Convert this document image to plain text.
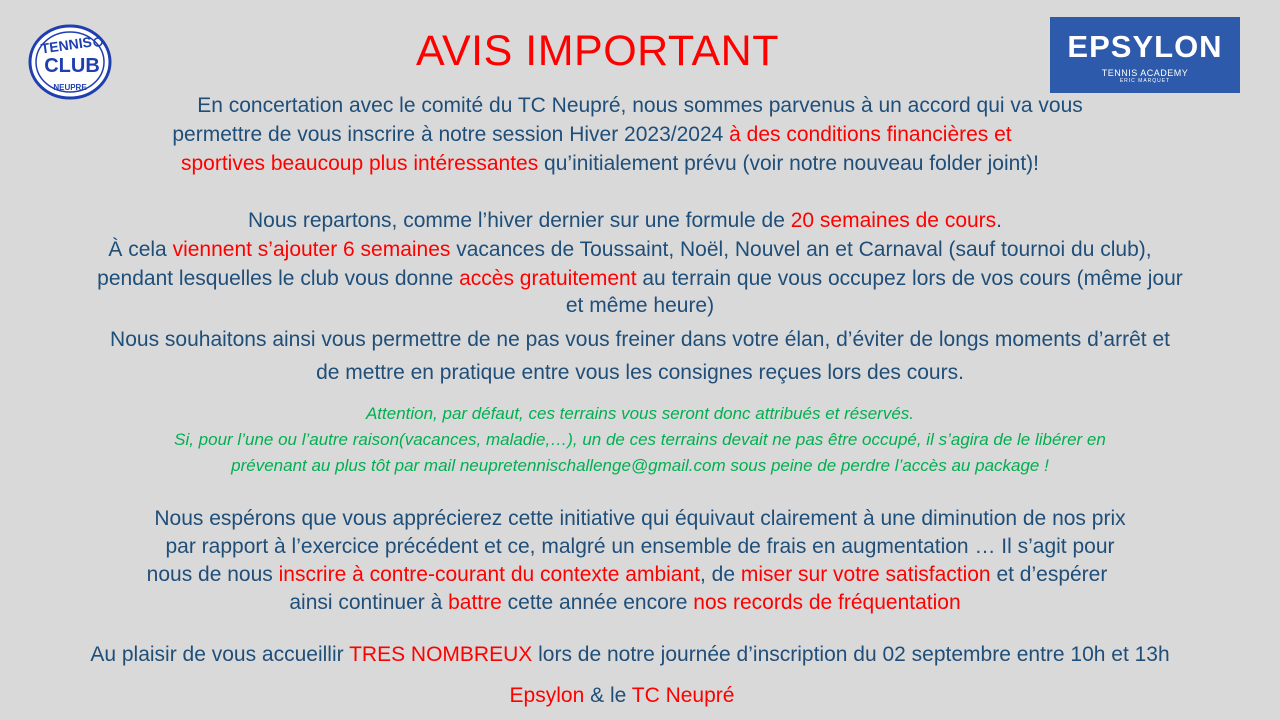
TENNIS
CLUB
NEUPRE
AVIS IMPORTANT	EPSYLON
TENNIS ACADEMY
ERIC MARQUET
En concertation avec le comité du TC Neupré, nous sommes parvenus à un accord qui va vous
permettre de vous inscrire à notre session Hiver 2023/2024 à des conditions financières et
sportives beaucoup plus intéressantes qu’initialement prévu (voir notre nouveau folder joint)!
Nous repartons, comme l’hiver dernier sur une formule de 20 semaines de cours.
À cela viennent s’ajouter 6 semaines vacances de Toussaint, Noël, Nouvel an et Carnaval (sauf tournoi du club),
pendant lesquelles le club vous donne accès gratuitement au terrain que vous occupez lors de vos cours (même jour
et même heure)
Nous souhaitons ainsi vous permettre de ne pas vous freiner dans votre élan, d’éviter de longs moments d’arrêt et
de mettre en pratique entre vous les consignes reçues lors des cours.
Attention, par défaut, ces terrains vous seront donc attribués et réservés.
Si, pour l’une ou l’autre raison(vacances, maladie,…), un de ces terrains devait ne pas être occupé, il s’agira de le libérer en
prévenant au plus tôt par mail neupretennischallenge@gmail.com sous peine de perdre l’accès au package !
Nous espérons que vous apprécierez cette initiative qui équivaut clairement à une diminution de nos prix
par rapport à l’exercice précédent et ce, malgré un ensemble de frais en augmentation … Il s’agit pour
nous de nous inscrire à contre-courant du contexte ambiant, de miser sur votre satisfaction et d’espérer
ainsi continuer à battre cette année encore nos records de fréquentation
Au plaisir de vous accueillir TRES NOMBREUX lors de notre journée d’inscription du 02 septembre entre 10h et 13h
Epsylon & le TC Neupré
